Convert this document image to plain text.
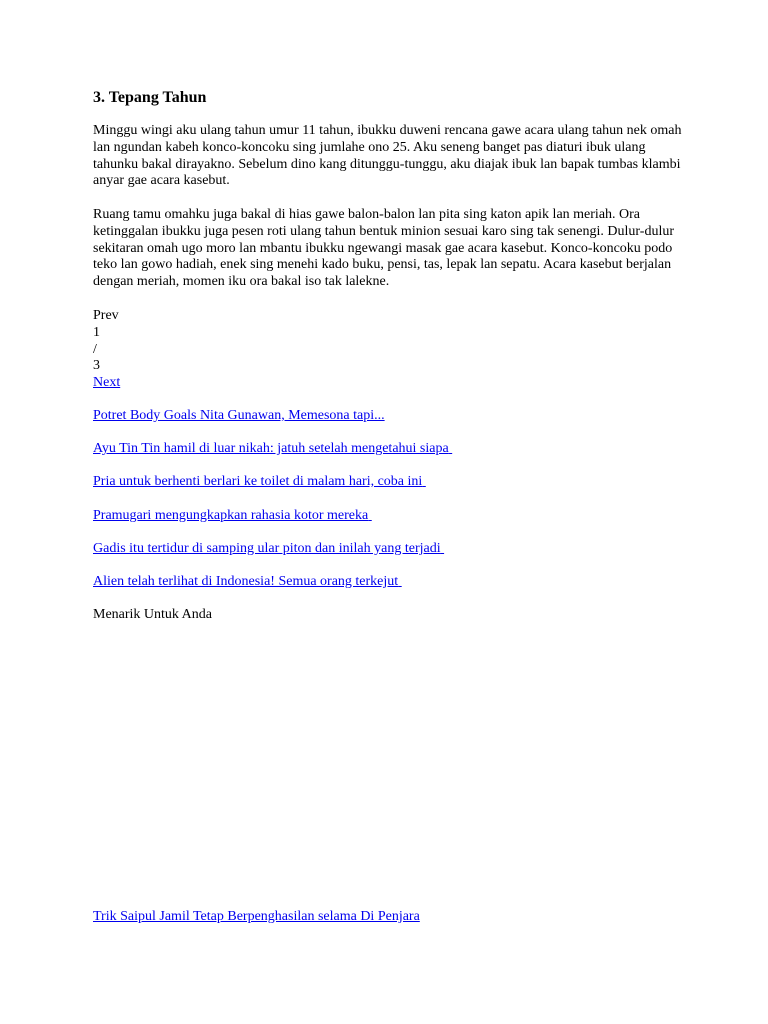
3. Tepang Tahun

Minggu wingi aku ulang tahun umur 11 tahun, ibukku duweni rencana gawe acara ulang tahun nek omah lan ngundan kabeh konco-koncoku sing jumlahe ono 25. Aku seneng banget pas diaturi ibuk ulang tahunku bakal dirayakno. Sebelum dino kang ditunggu-tunggu, aku diajak ibuk lan bapak tumbas klambi anyar gae acara kasebut.

Ruang tamu omahku juga bakal di hias gawe balon-balon lan pita sing katon apik lan meriah. Ora ketinggalan ibukku juga pesen roti ulang tahun bentuk minion sesuai karo sing tak senengi. Dulur-dulur sekitaran omah ugo moro lan mbantu ibukku ngewangi masak gae acara kasebut. Konco-koncoku podo teko lan gowo hadiah, enek sing menehi kado buku, pensi, tas, lepak lan sepatu. Acara kasebut berjalan dengan meriah, momen iku ora bakal iso tak lalekne.

Prev
1
/
3
Next
Potret Body Goals Nita Gunawan, Memesona tapi...
Ayu Tin Tin hamil di luar nikah: jatuh setelah mengetahui siapa
Pria untuk berhenti berlari ke toilet di malam hari, coba ini
Pramugari mengungkapkan rahasia kotor mereka
Gadis itu tertidur di samping ular piton dan inilah yang terjadi
Alien telah terlihat di Indonesia! Semua orang terkejut
Menarik Untuk Anda
Trik Saipul Jamil Tetap Berpenghasilan selama Di Penjara
